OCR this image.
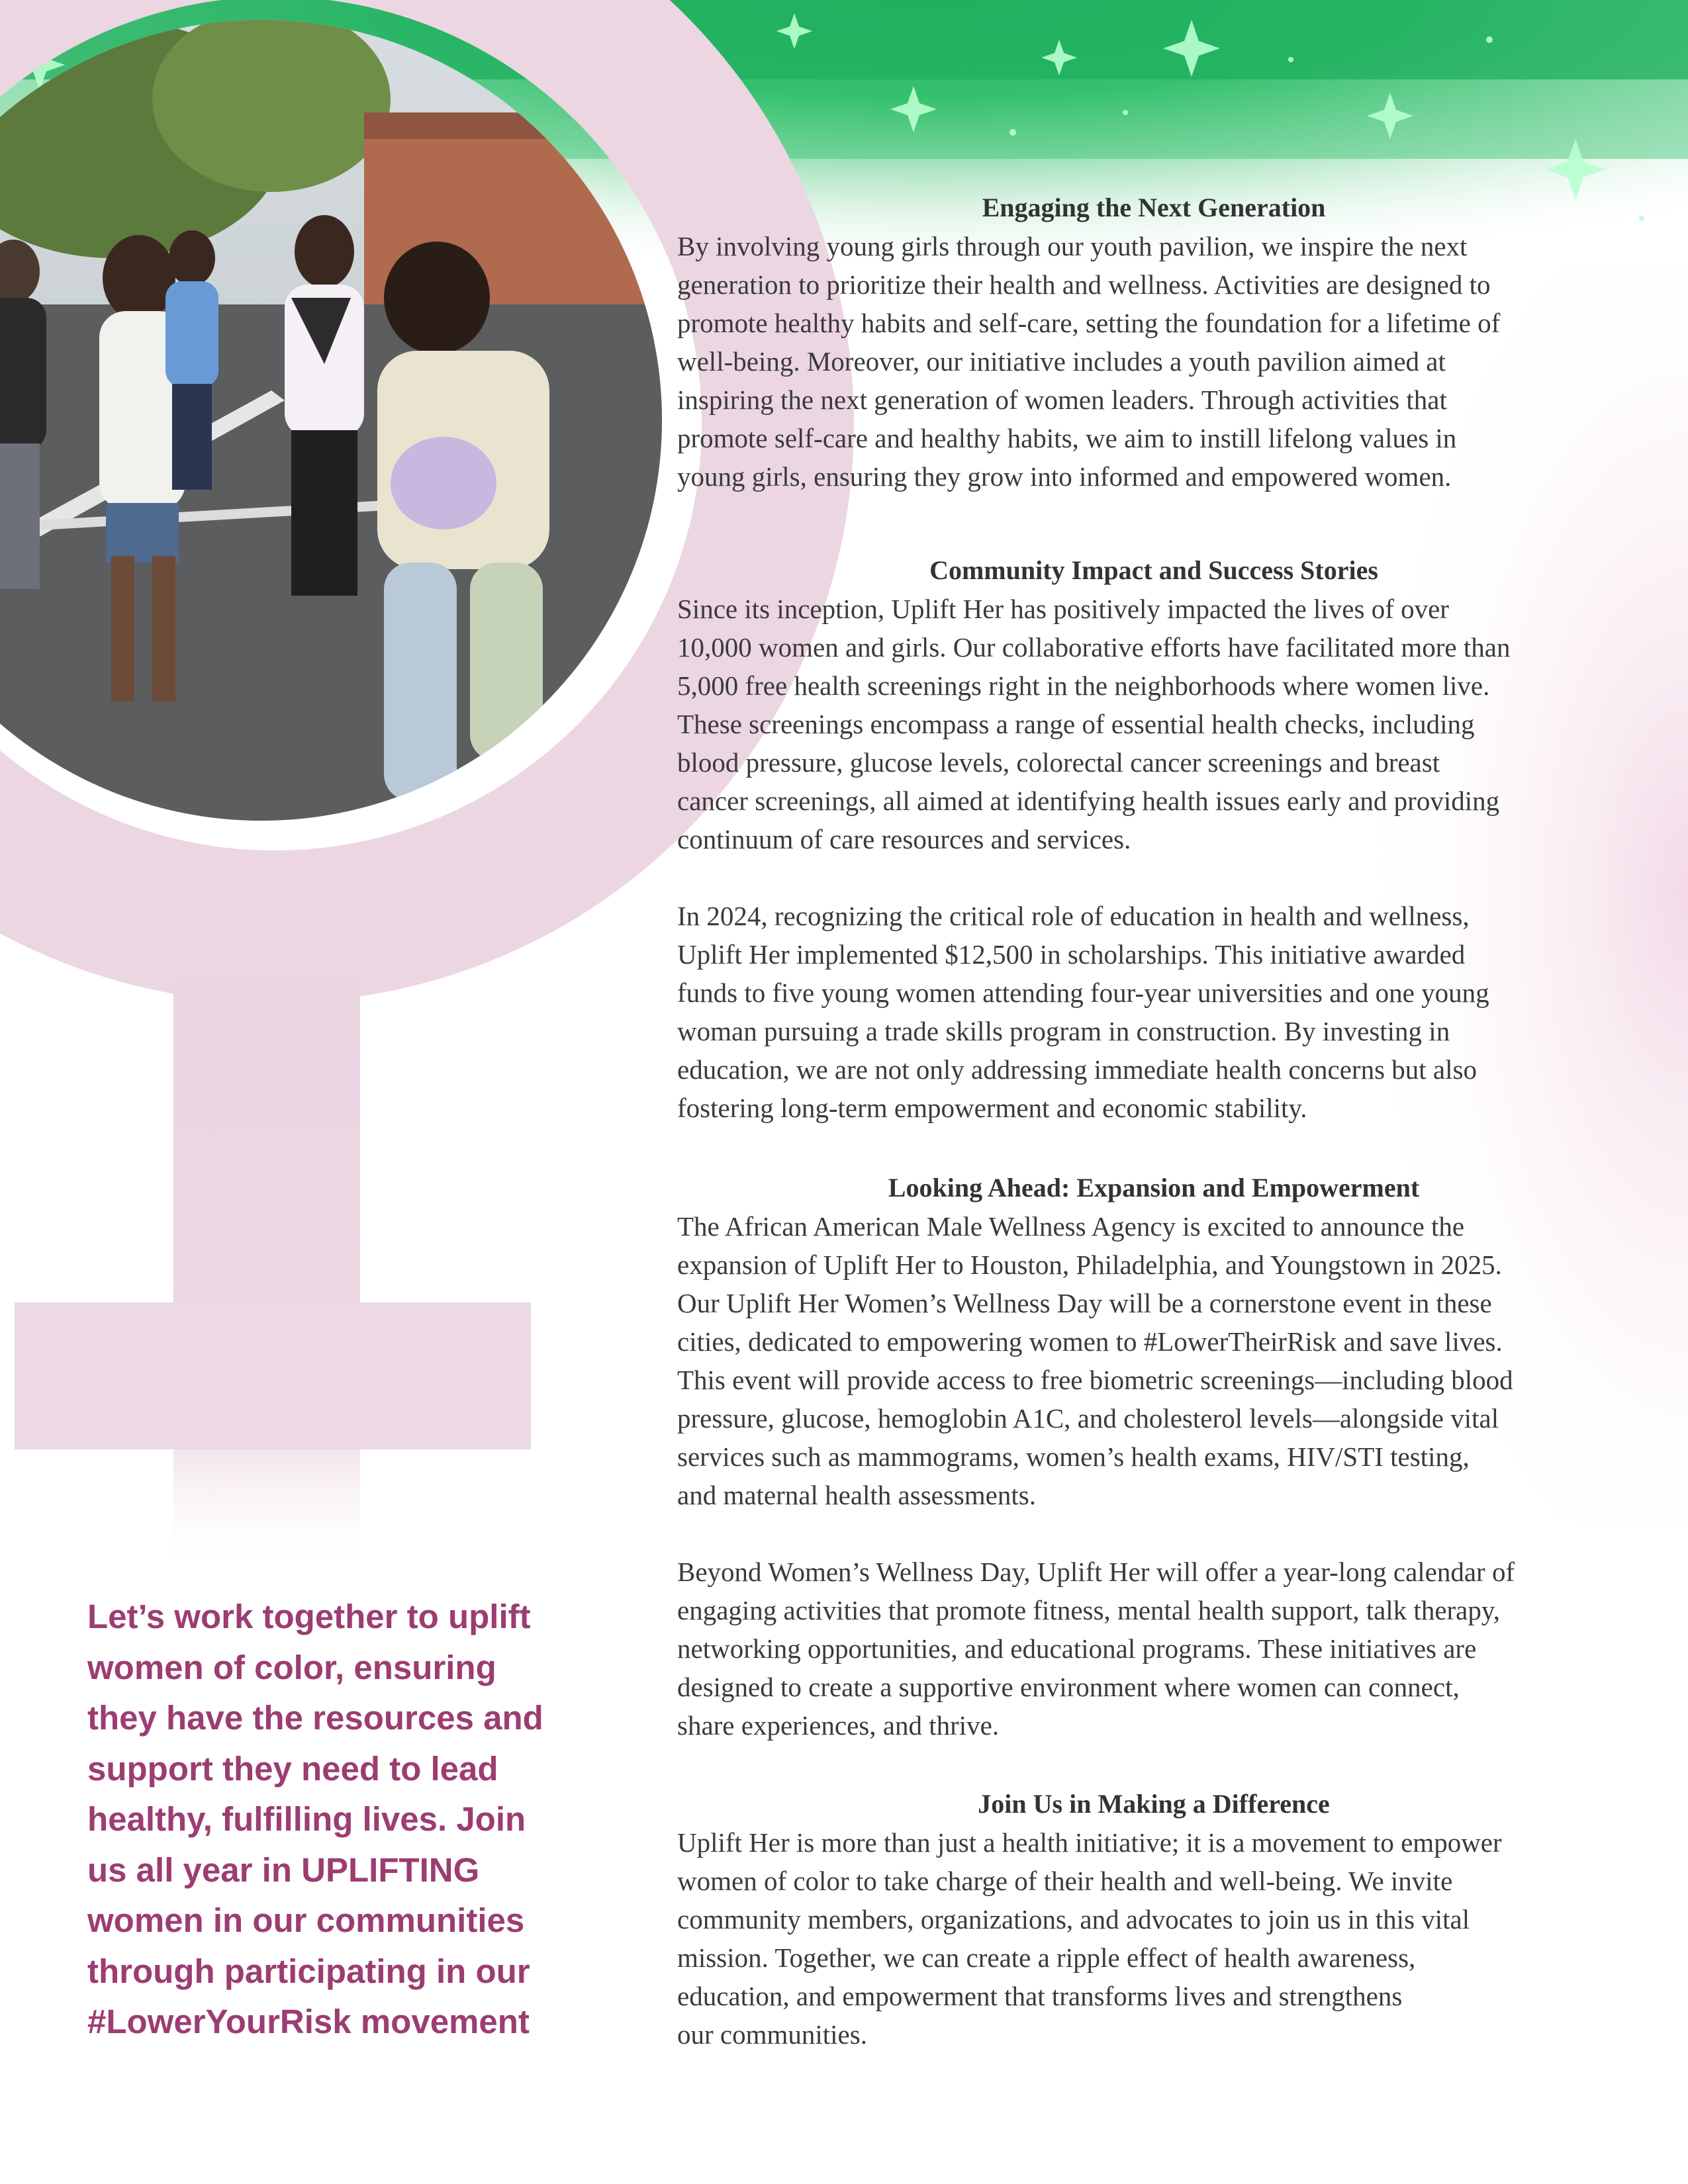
Engaging the Next Generation

By involving young girls through our youth pavilion, we inspire the next
generation to prioritize their health and wellness. Activities are designed to
promote healthy habits and self-care, setting the foundation for a lifetime of
well-being. Moreover, our initiative includes a youth pavilion aimed at
inspiring the next generation of women leaders. Through activities that
promote self-care and healthy habits, we aim to instill lifelong values in
young girls, ensuring they grow into informed and empowered women.

Community Impact and Success Stories

Since its inception, Uplift Her has positively impacted the lives of over
10,000 women and girls. Our collaborative efforts have facilitated more than
5,000 free health screenings right in the neighborhoods where women live.
These screenings encompass a range of essential health checks, including
blood pressure, glucose levels, colorectal cancer screenings and breast
cancer screenings, all aimed at identifying health issues early and providing
continuum of care resources and services.

In 2024, recognizing the critical role of education in health and wellness,
Uplift Her implemented $12,500 in scholarships. This initiative awarded
funds to five young women attending four-year universities and one young
woman pursuing a trade skills program in construction. By investing in
education, we are not only addressing immediate health concerns but also
fostering long-term empowerment and economic stability.

Looking Ahead: Expansion and Empowerment

The African American Male Wellness Agency is excited to announce the
expansion of Uplift Her to Houston, Philadelphia, and Youngstown in 2025.
Our Uplift Her Women’s Wellness Day will be a cornerstone event in these
cities, dedicated to empowering women to #LowerTheirRisk and save lives.
This event will provide access to free biometric screenings—including blood
pressure, glucose, hemoglobin A1C, and cholesterol levels—alongside vital
services such as mammograms, women’s health exams, HIV/STI testing,
and maternal health assessments.

Beyond Women’s Wellness Day, Uplift Her will offer a year-long calendar of
engaging activities that promote fitness, mental health support, talk therapy,
networking opportunities, and educational programs. These initiatives are
designed to create a supportive environment where women can connect,
share experiences, and thrive.

Join Us in Making a Difference

Uplift Her is more than just a health initiative; it is a movement to empower
women of color to take charge of their health and well-being. We invite
community members, organizations, and advocates to join us in this vital
mission. Together, we can create a ripple effect of health awareness,
education, and empowerment that transforms lives and strengthens
our communities.

Let’s work together to uplift
women of color, ensuring
they have the resources and
support they need to lead
healthy, fulfilling lives. Join
us all year in UPLIFTING
women in our communities
through participating in our
#LowerYourRisk movement
